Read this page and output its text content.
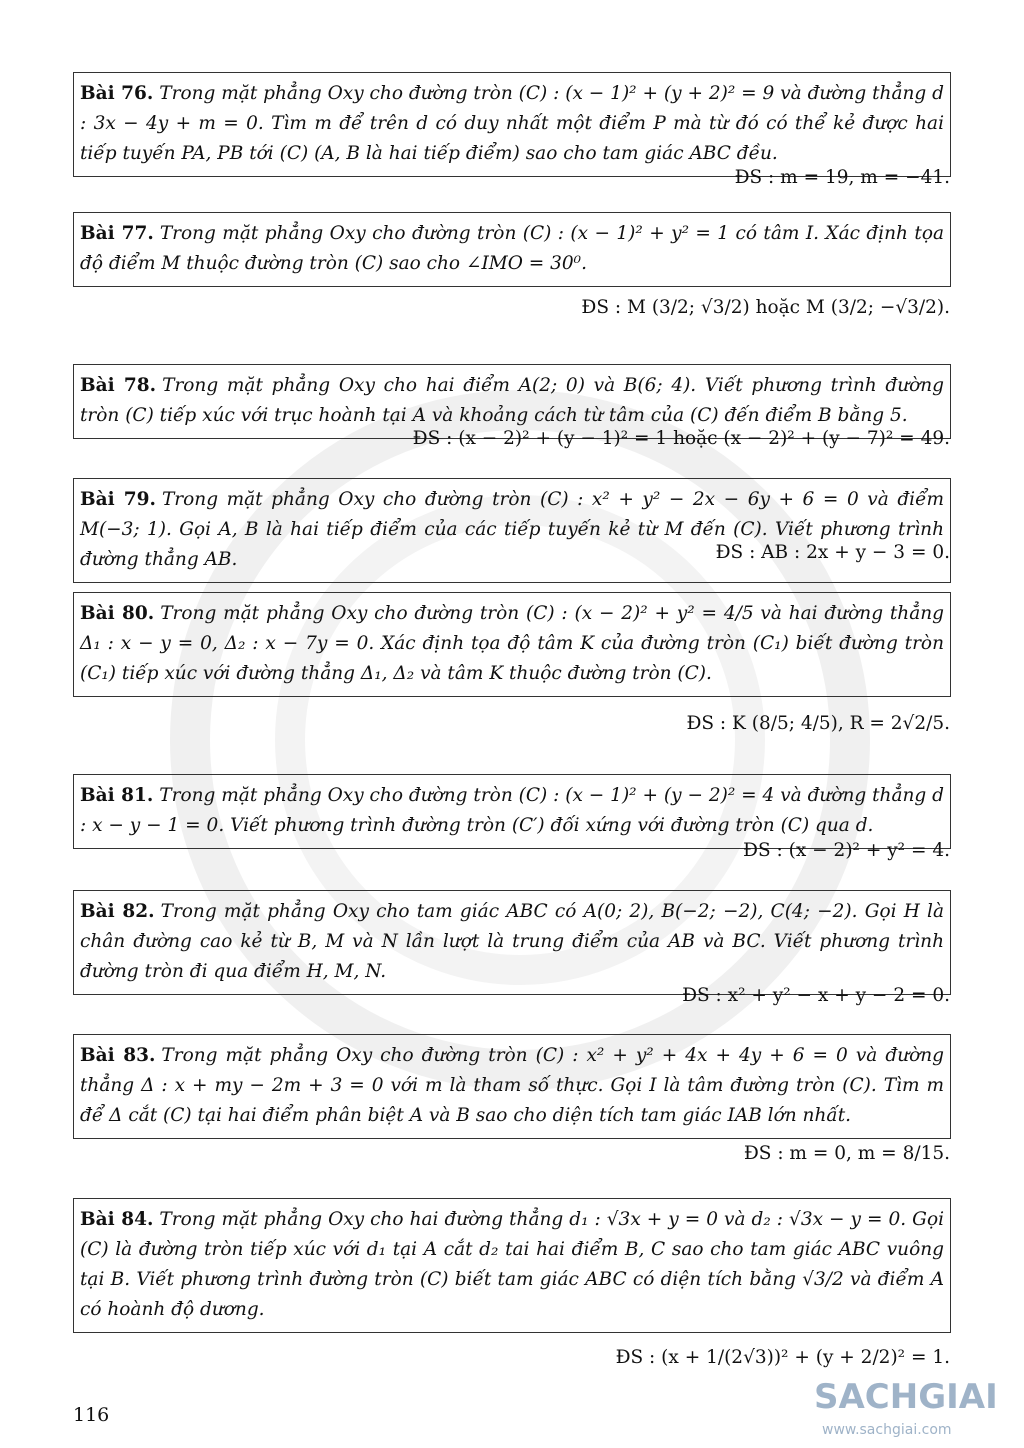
Bài 76. Trong mặt phẳng Oxy cho đường tròn (C) : (x − 1)² + (y + 2)² = 9 và đường thẳng d : 3x − 4y + m = 0. Tìm m để trên d có duy nhất một điểm P mà từ đó có thể kẻ được hai tiếp tuyến PA, PB tới (C) (A, B là hai tiếp điểm) sao cho tam giác ABC đều.
ĐS : m = 19, m = −41.
Bài 77. Trong mặt phẳng Oxy cho đường tròn (C) : (x − 1)² + y² = 1 có tâm I. Xác định tọa độ điểm M thuộc đường tròn (C) sao cho ∠IMO = 30⁰.
ĐS : M (3/2; √3/2) hoặc M (3/2; −√3/2).
Bài 78. Trong mặt phẳng Oxy cho hai điểm A(2; 0) và B(6; 4). Viết phương trình đường tròn (C) tiếp xúc với trục hoành tại A và khoảng cách từ tâm của (C) đến điểm B bằng 5.
ĐS : (x − 2)² + (y − 1)² = 1 hoặc (x − 2)² + (y − 7)² = 49.
Bài 79. Trong mặt phẳng Oxy cho đường tròn (C) : x² + y² − 2x − 6y + 6 = 0 và điểm M(−3; 1). Gọi A, B là hai tiếp điểm của các tiếp tuyến kẻ từ M đến (C). Viết phương trình đường thẳng AB.	ĐS : AB : 2x + y − 3 = 0.
Bài 80. Trong mặt phẳng Oxy cho đường tròn (C) : (x − 2)² + y² = 4/5 và hai đường thẳng Δ₁ : x − y = 0, Δ₂ : x − 7y = 0. Xác định tọa độ tâm K của đường tròn (C₁) biết đường tròn (C₁) tiếp xúc với đường thẳng Δ₁, Δ₂ và tâm K thuộc đường tròn (C).
ĐS : K (8/5; 4/5), R = 2√2/5.
Bài 81. Trong mặt phẳng Oxy cho đường tròn (C) : (x − 1)² + (y − 2)² = 4 và đường thẳng d : x − y − 1 = 0. Viết phương trình đường tròn (C′) đối xứng với đường tròn (C) qua d.
ĐS : (x − 2)² + y² = 4.
Bài 82. Trong mặt phẳng Oxy cho tam giác ABC có A(0; 2), B(−2; −2), C(4; −2). Gọi H là chân đường cao kẻ từ B, M và N lần lượt là trung điểm của AB và BC. Viết phương trình đường tròn đi qua điểm H, M, N.
ĐS : x² + y² − x + y − 2 = 0.
Bài 83. Trong mặt phẳng Oxy cho đường tròn (C) : x² + y² + 4x + 4y + 6 = 0 và đường thẳng Δ : x + my − 2m + 3 = 0 với m là tham số thực. Gọi I là tâm đường tròn (C). Tìm m để Δ cắt (C) tại hai điểm phân biệt A và B sao cho diện tích tam giác IAB lớn nhất.
ĐS : m = 0, m = 8/15.
Bài 84. Trong mặt phẳng Oxy cho hai đường thẳng d₁ : √3x + y = 0 và d₂ : √3x − y = 0. Gọi (C) là đường tròn tiếp xúc với d₁ tại A cắt d₂ tai hai điểm B, C sao cho tam giác ABC vuông tại B. Viết phương trình đường tròn (C) biết tam giác ABC có diện tích bằng √3/2 và điểm A có hoành độ dương.
ĐS : (x + 1/(2√3))² + (y + 2/2)² = 1.
116	SACHGIAI
www.sachgiai.com
